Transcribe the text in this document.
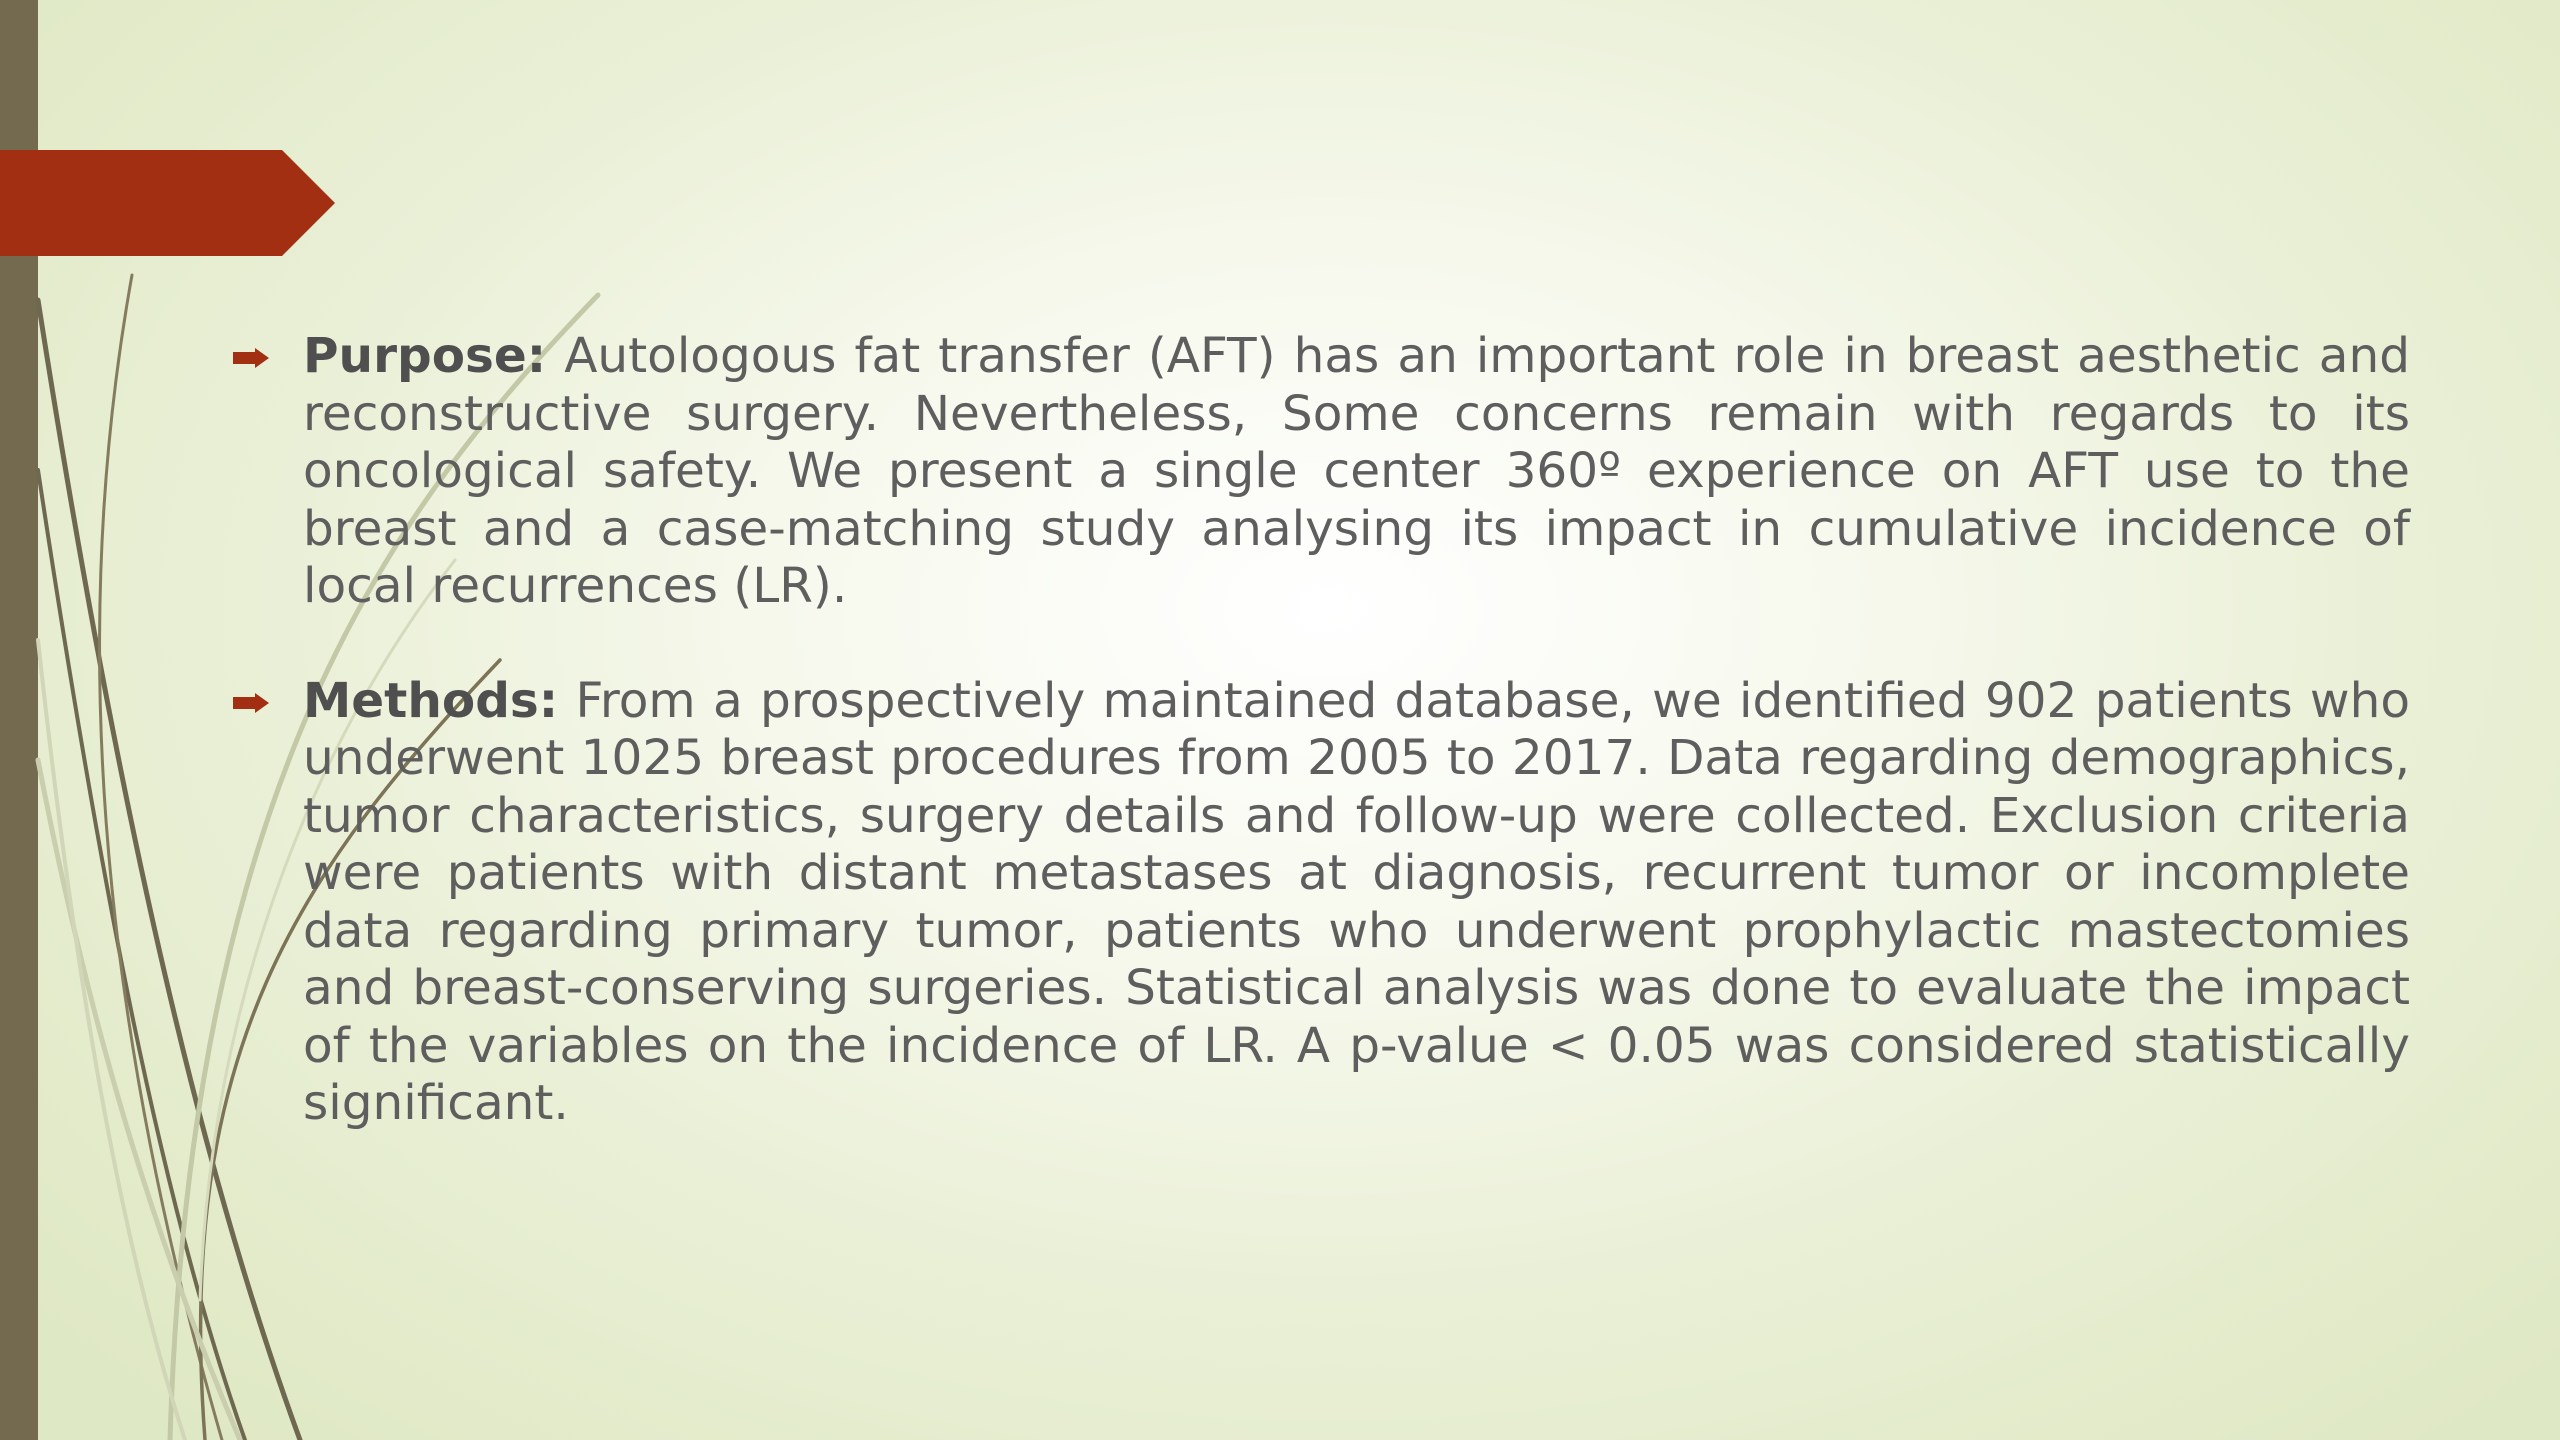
Purpose: Autologous fat transfer (AFT) has an important role in breast aesthetic and reconstructive surgery. Nevertheless, Some concerns remain with regards to its oncological safety. We present a single center 360º experience on AFT use to the breast and a case-matching study analysing its impact in cumulative incidence of local recurrences (LR).

Methods: From a prospectively maintained database, we identified 902 patients who underwent 1025 breast procedures from 2005 to 2017. Data regarding demographics, tumor characteristics, surgery details and follow-up were collected. Exclusion criteria were patients with distant metastases at diagnosis, recurrent tumor or incomplete data regarding primary tumor, patients who underwent prophylactic mastectomies and breast-conserving surgeries. Statistical analysis was done to evaluate the impact of the variables on the incidence of LR. A p-value < 0.05 was considered statistically significant.
